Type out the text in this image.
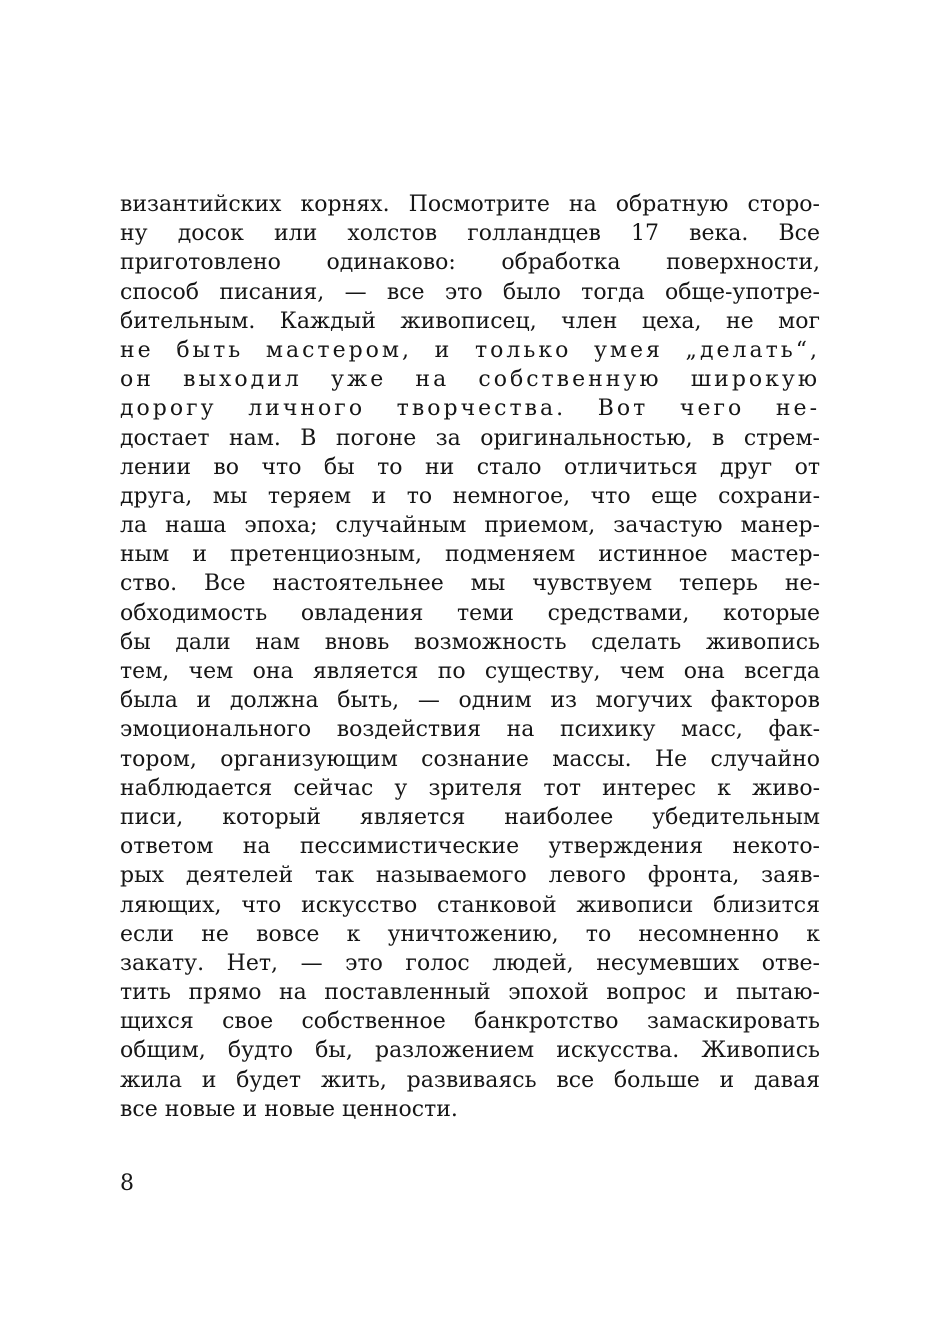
византийских корнях. Посмотрите на обратную сторо-
ну досок или холстов голландцев 17 века. Все
приготовлено одинаково: обработка поверхности,
способ писания, — все это было тогда обще-употре-
бительным. Каждый живописец, член цеха, не мог
не быть мастером, и только умея „делать“,
он выходил уже на собственную широкую
дорогу личного творчества. Вот чего не-
достает нам. В погоне за оригинальностью, в стрем-
лении во что бы то ни стало отличиться друг от
друга, мы теряем и то немногое, что еще сохрани-
ла наша эпоха; случайным приемом, зачастую манер-
ным и претенциозным, подменяем истинное мастер-
ство. Все настоятельнее мы чувствуем теперь не-
обходимость овладения теми средствами, которые
бы дали нам вновь возможность сделать живопись
тем, чем она является по существу, чем она всегда
была и должна быть, — одним из могучих факторов
эмоционального воздействия на психику масс, фак-
тором, организующим сознание массы. Не случайно
наблюдается сейчас у зрителя тот интерес к живо-
писи, который является наиболее убедительным
ответом на пессимистические утверждения некото-
рых деятелей так называемого левого фронта, заяв-
ляющих, что искусство станковой живописи близится
если не вовсе к уничтожению, то несомненно к
закату. Нет, — это голос людей, несумевших отве-
тить прямо на поставленный эпохой вопрос и пытаю-
щихся свое собственное банкротство замаскировать
общим, будто бы, разложением искусства. Живопись
жила и будет жить, развиваясь все больше и давая
все новые и новые ценности.
8
